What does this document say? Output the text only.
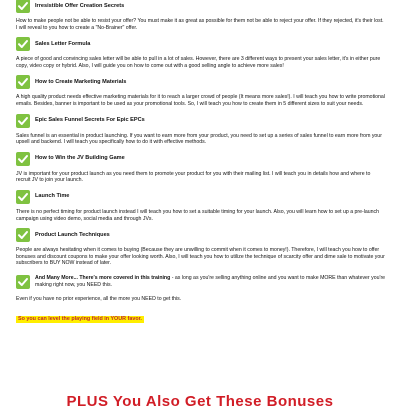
Irresistible Offer Creation Secrets
How to make people not be able to resist your offer? You must make it as great as possible for them not be able to reject your offer. If they rejected, it's their lost. I will reveal to you how to create a "No-Brainer" offer.
Sales Letter Formula
A piece of good and convincing sales letter will be able to pull in a lot of sales. However, there are 3 different ways to present your sales letter, it's in either pure copy, video copy or hybrid. Also, I will guide you on how to come out with a good selling angle to achieve more sales!
How to Create Marketing Materials
A high quality product needs effective marketing materials for it to reach a larger crowd of people (It means more sales!). I will teach you how to write promotional emails. Besides, banner is important to be used as your promotional tools. So, I will teach you how to create them in 5 different sizes to suit your needs.
Epic Sales Funnel Secrets For Epic EPCs
Sales funnel is an essential in product launching. If you want to earn more from your product, you need to set up a series of sales funnel to earn more from your upsell and backend. I will teach you specifically how to do it with effective methods.
How to Win the JV Building Game
JV is important for your product launch as you need them to promote your product for you with their mailing list. I will teach you in details how and where to recruit JV to join your launch.
Launch Time
There is no perfect timing for product launch instead I will teach you how to set a suitable timing for your launch. Also, you will learn how to set up a pre-launch campaign using video demo, social media and through JVs.
Product Launch Techniques
People are always hesitating when it comes to buying (Because they are unwilling to commit when it comes to money!). Therefore, I will teach you how to offer bonuses and discount coupons to make your offer looking worth. Also, I will teach you how to utilize the technique of scarcity offer and dime sale to motivate your subscribers to BUY NOW instead of later.
And Many More... There's more covered in this training - as long as you're selling anything online and you want to make MORE than whatever you're making right now, you NEED this.
Even if you have no prior experience, all the more you NEED to get this.
So you can level the playing field in YOUR favor.
PLUS You Also Get These Bonuses
